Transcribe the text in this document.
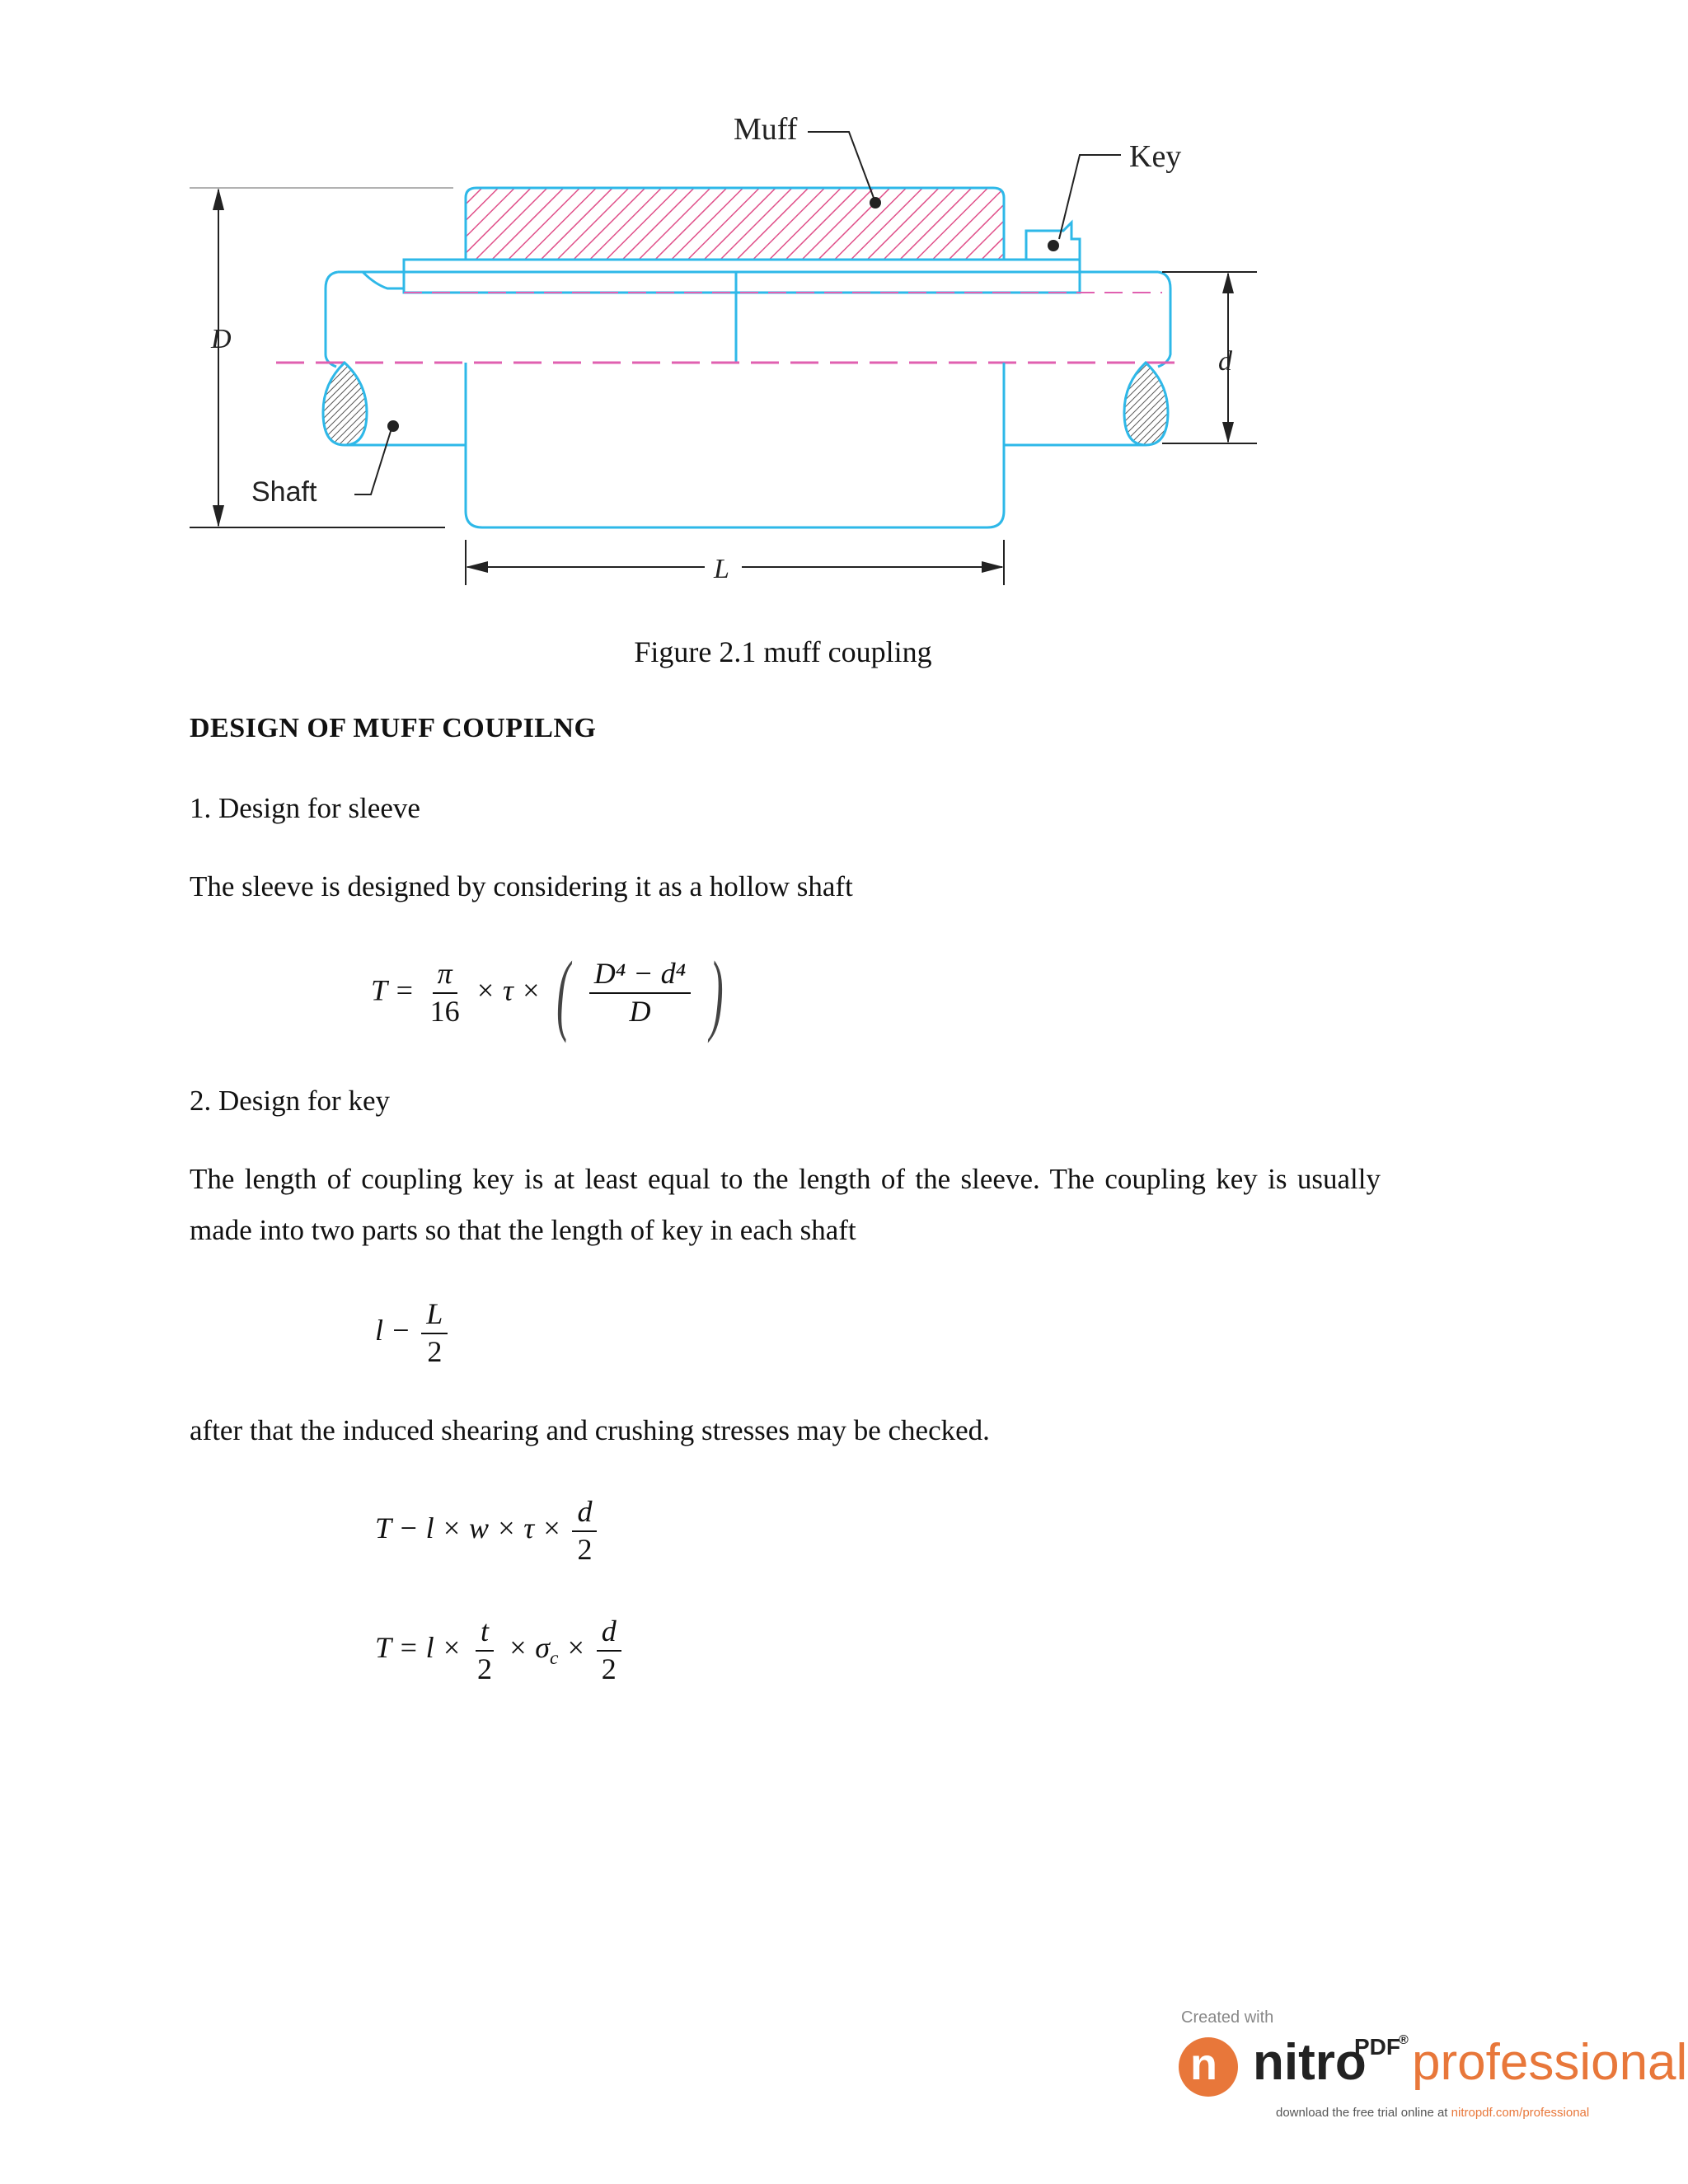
Muff
Key
Shaft
D
d
L
Figure 2.1 muff coupling
DESIGN OF MUFF COUPILNG
1. Design for sleeve
The sleeve is designed by considering it as a hollow shaft
$T = \frac{\pi}{16} \times \tau$ × ( $\frac{\text{D⁴ − d⁴}}{D}$ )
2. Design for key
The length of coupling key is at least equal to the length of the sleeve. The coupling key is usually made into two parts so that the length of key in each shaft
$l - \frac{L}{2}$
after that the induced shearing and crushing stresses may be checked.
$T - l \times w \times \tau \times \frac{d}{2}$
$T = l \times \frac{t}{2} \times \sigma_c \times \frac{d}{2}$
Created with
n nitro
PDF
® professional
download the free trial online at nitropdf.com/professional
